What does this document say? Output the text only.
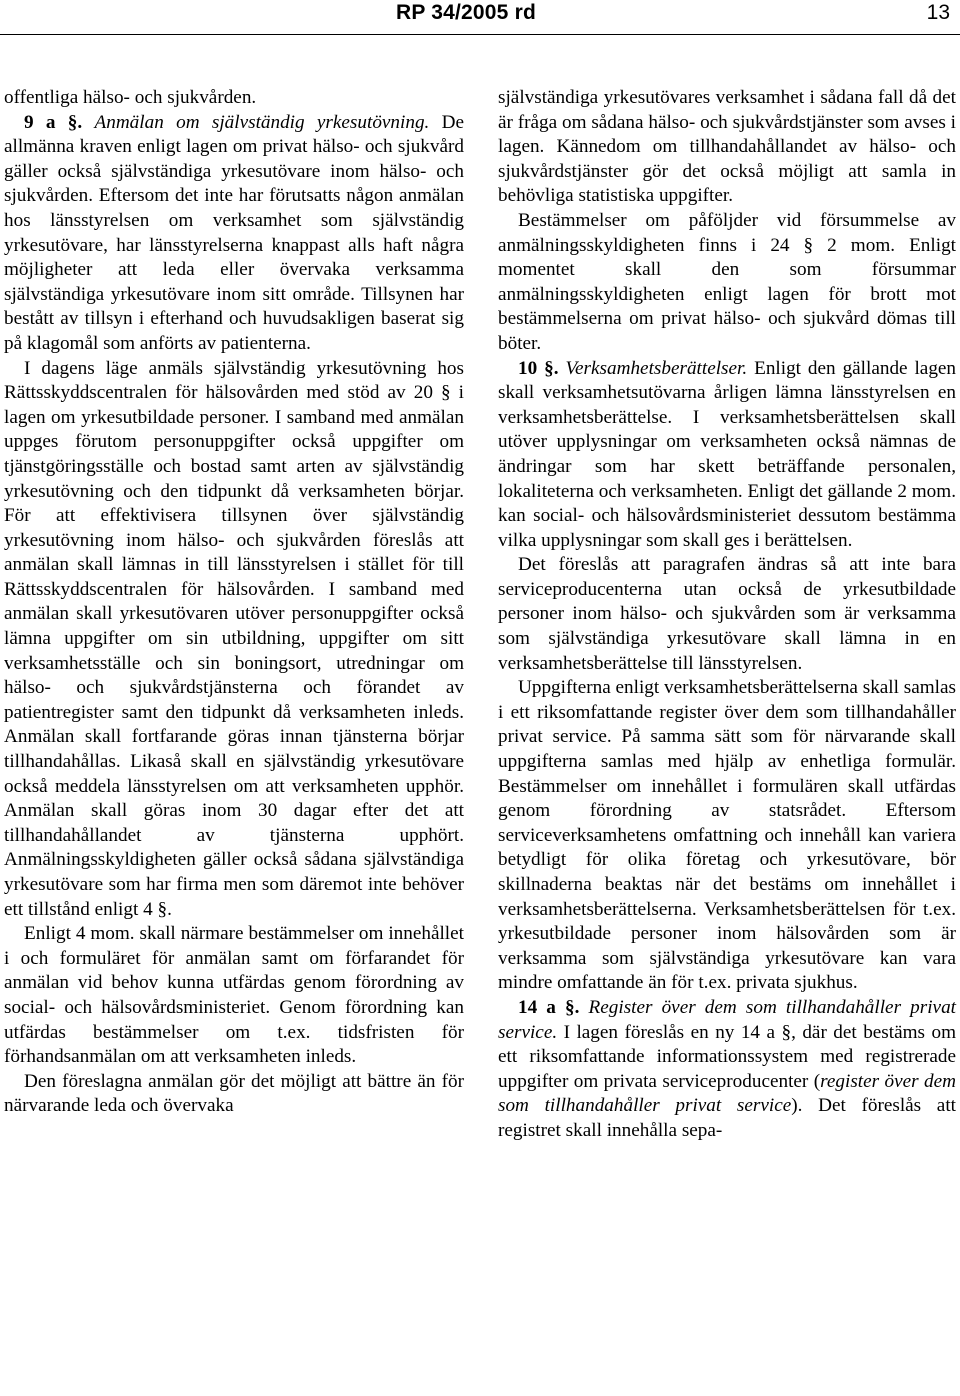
RP 34/2005 rd	13

offentliga hälso- och sjukvården.

9 a §. Anmälan om självständig yrkesutövning. De allmänna kraven enligt lagen om privat hälso- och sjukvård gäller också självständiga yrkesutövare inom hälso- och sjukvården. Eftersom det inte har förutsatts någon anmälan hos länsstyrelsen om verksamhet som självständig yrkesutövare, har länsstyrelserna knappast alls haft några möjligheter att leda eller övervaka verksamma självständiga yrkesutövare inom sitt område. Tillsynen har bestått av tillsyn i efterhand och huvudsakligen baserat sig på klagomål som anförts av patienterna.

I dagens läge anmäls självständig yrkesutövning hos Rättsskyddscentralen för hälsovården med stöd av 20 § i lagen om yrkesutbildade personer. I samband med anmälan uppges förutom personuppgifter också uppgifter om tjänstgöringsställe och bostad samt arten av självständig yrkesutövning och den tidpunkt då verksamheten börjar. För att effektivisera tillsynen över självständig yrkesutövning inom hälso- och sjukvården föreslås att anmälan skall lämnas in till länsstyrelsen i stället för till Rättsskyddscentralen för hälsovården. I samband med anmälan skall yrkesutövaren utöver personuppgifter också lämna uppgifter om sin utbildning, uppgifter om sitt verksamhetsställe och sin boningsort, utredningar om hälso- och sjukvårdstjänsterna och förandet av patientregister samt den tidpunkt då verksamheten inleds. Anmälan skall fortfarande göras innan tjänsterna börjar tillhandahållas. Likaså skall en självständig yrkesutövare också meddela länsstyrelsen om att verksamheten upphör. Anmälan skall göras inom 30 dagar efter det att tillhandahållandet av tjänsterna upphört. Anmälningsskyldigheten gäller också sådana självständiga yrkesutövare som har firma men som däremot inte behöver ett tillstånd enligt 4 §.

Enligt 4 mom. skall närmare bestämmelser om innehållet i och formuläret för anmälan samt om förfarandet för anmälan vid behov kunna utfärdas genom förordning av social- och hälsovårdsministeriet. Genom förordning kan utfärdas bestämmelser om t.ex. tidsfristen för förhandsanmälan om att verksamheten inleds.

Den föreslagna anmälan gör det möjligt att bättre än för närvarande leda och övervaka

självständiga yrkesutövares verksamhet i sådana fall då det är fråga om sådana hälso- och sjukvårdstjänster som avses i lagen. Kännedom om tillhandahållandet av hälso- och sjukvårdstjänster gör det också möjligt att samla in behövliga statistiska uppgifter.

Bestämmelser om påföljder vid försummelse av anmälningsskyldigheten finns i 24 § 2 mom. Enligt momentet skall den som försummar anmälningsskyldigheten enligt lagen för brott mot bestämmelserna om privat hälso- och sjukvård dömas till böter.

10 §. Verksamhetsberättelser. Enligt den gällande lagen skall verksamhetsutövarna årligen lämna länsstyrelsen en verksamhetsberättelse. I verksamhetsberättelsen skall utöver upplysningar om verksamheten också nämnas de ändringar som har skett beträffande personalen, lokaliteterna och verksamheten. Enligt det gällande 2 mom. kan social- och hälsovårdsministeriet dessutom bestämma vilka upplysningar som skall ges i berättelsen.

Det föreslås att paragrafen ändras så att inte bara serviceproducenterna utan också de yrkesutbildade personer inom hälso- och sjukvården som är verksamma som självständiga yrkesutövare skall lämna in en verksamhetsberättelse till länsstyrelsen.

Uppgifterna enligt verksamhetsberättelserna skall samlas i ett riksomfattande register över dem som tillhandahåller privat service. På samma sätt som för närvarande skall uppgifterna samlas med hjälp av enhetliga formulär. Bestämmelser om innehållet i formulären skall utfärdas genom förordning av statsrådet. Eftersom serviceverksamhetens omfattning och innehåll kan variera betydligt för olika företag och yrkesutövare, bör skillnaderna beaktas när det bestäms om innehållet i verksamhetsberättelserna. Verksamhetsberättelsen för t.ex. yrkesutbildade personer inom hälsovården som är verksamma som självständiga yrkesutövare kan vara mindre omfattande än för t.ex. privata sjukhus.

14 a §. Register över dem som tillhandahåller privat service. I lagen föreslås en ny 14 a §, där det bestäms om ett riksomfattande informationssystem med registrerade uppgifter om privata serviceproducenter (register över dem som tillhandahåller privat service). Det föreslås att registret skall innehålla sepa-
